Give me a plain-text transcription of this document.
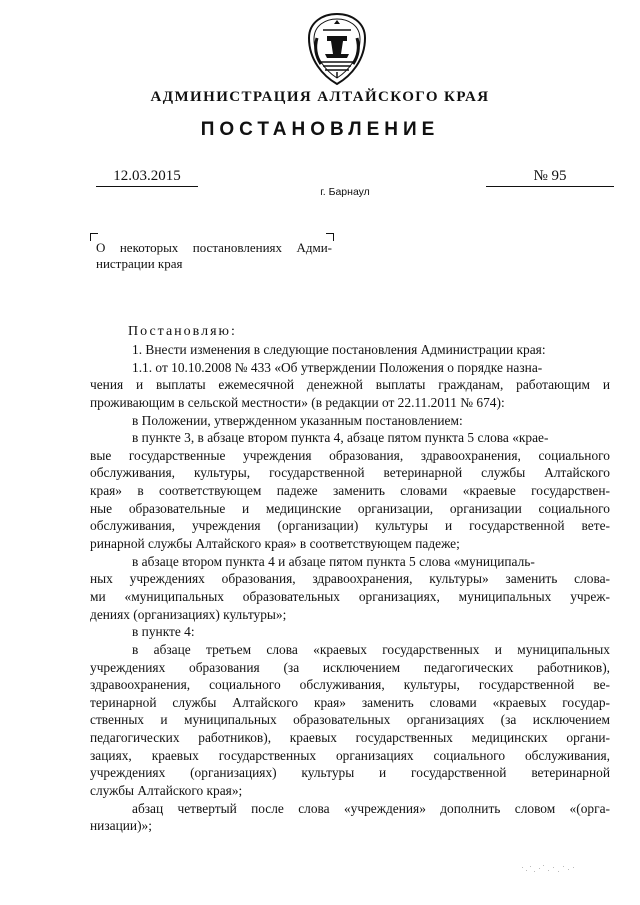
АДМИНИСТРАЦИЯ АЛТАЙСКОГО КРАЯ
ПОСТАНОВЛЕНИЕ
12.03.2015	№ 95
г. Барнаул
О некоторых постановлениях Адми-
нистрации края
Постановляю:
1. Внести изменения в следующие постановления Администрации края:
1.1. от 10.10.2008 № 433 «Об утверждении Положения о порядке назна-
чения и выплаты ежемесячной денежной выплаты гражданам, работающим и
проживающим в сельской местности» (в редакции от 22.11.2011 № 674):
в Положении, утвержденном указанным постановлением:
в пункте 3, в абзаце втором пункта 4, абзаце пятом пункта 5 слова «крае-
вые государственные учреждения образования, здравоохранения, социального
обслуживания, культуры, государственной ветеринарной службы Алтайского
края» в соответствующем падеже заменить словами «краевые государствен-
ные образовательные и медицинские организации, организации социального
обслуживания, учреждения (организации) культуры и государственной вете-
ринарной службы Алтайского края» в соответствующем падеже;
в абзаце втором пункта 4 и абзаце пятом пункта 5 слова «муниципаль-
ных учреждениях образования, здравоохранения, культуры» заменить слова-
ми «муниципальных образовательных организациях, муниципальных учреж-
дениях (организациях) культуры»;
в пункте 4:
в абзаце третьем слова «краевых государственных и муниципальных
учреждениях образования (за исключением педагогических работников),
здравоохранения, социального обслуживания, культуры, государственной ве-
теринарной службы Алтайского края» заменить словами «краевых государ-
ственных и муниципальных образовательных организациях (за исключением
педагогических работников), краевых государственных медицинских органи-
зациях, краевых государственных организациях социального обслуживания,
учреждениях (организациях) культуры и государственной ветеринарной
службы Алтайского края»;
абзац четвертый после слова «учреждения» дополнить словом «(орга-
низации)»;
